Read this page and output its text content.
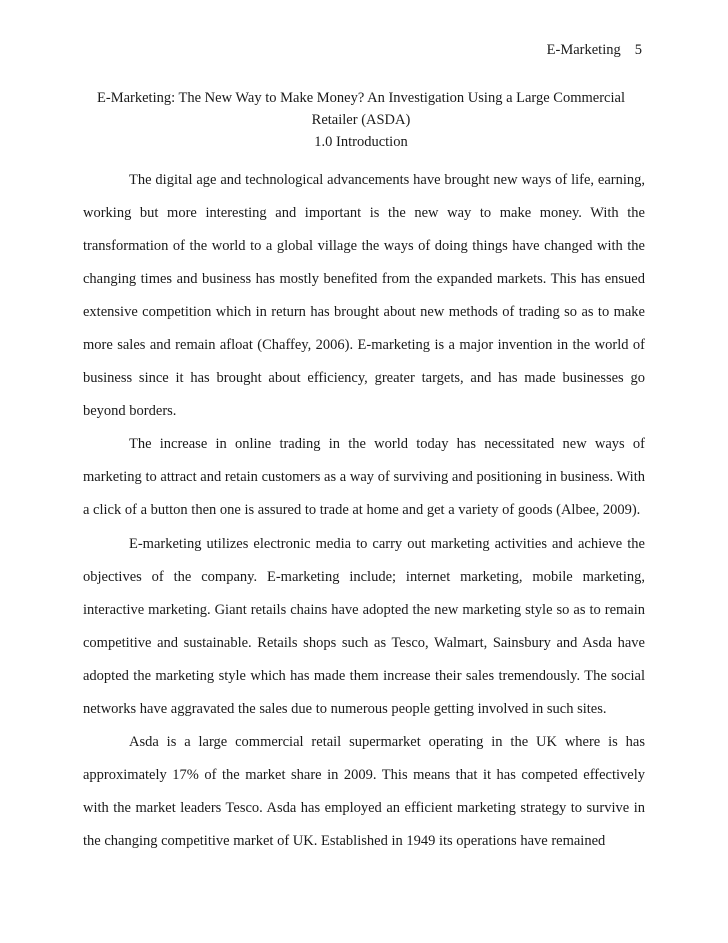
E-Marketing 5
E-Marketing: The New Way to Make Money? An Investigation Using a Large Commercial
Retailer (ASDA)
1.0 Introduction

The digital age and technological advancements have brought new ways of life, earning, working but more interesting and important is the new way to make money. With the transformation of the world to a global village the ways of doing things have changed with the changing times and business has mostly benefited from the expanded markets. This has ensued extensive competition which in return has brought about new methods of trading so as to make more sales and remain afloat (Chaffey, 2006). E-marketing is a major invention in the world of business since it has brought about efficiency, greater targets, and has made businesses go beyond borders.

The increase in online trading in the world today has necessitated new ways of marketing to attract and retain customers as a way of surviving and positioning in business. With a click of a button then one is assured to trade at home and get a variety of goods (Albee, 2009).

E-marketing utilizes electronic media to carry out marketing activities and achieve the objectives of the company. E-marketing include; internet marketing, mobile marketing, interactive marketing. Giant retails chains have adopted the new marketing style so as to remain competitive and sustainable. Retails shops such as Tesco, Walmart, Sainsbury and Asda have adopted the marketing style which has made them increase their sales tremendously. The social networks have aggravated the sales due to numerous people getting involved in such sites.

Asda is a large commercial retail supermarket operating in the UK where is has approximately 17% of the market share in 2009. This means that it has competed effectively with the market leaders Tesco. Asda has employed an efficient marketing strategy to survive in the changing competitive market of UK. Established in 1949 its operations have remained
